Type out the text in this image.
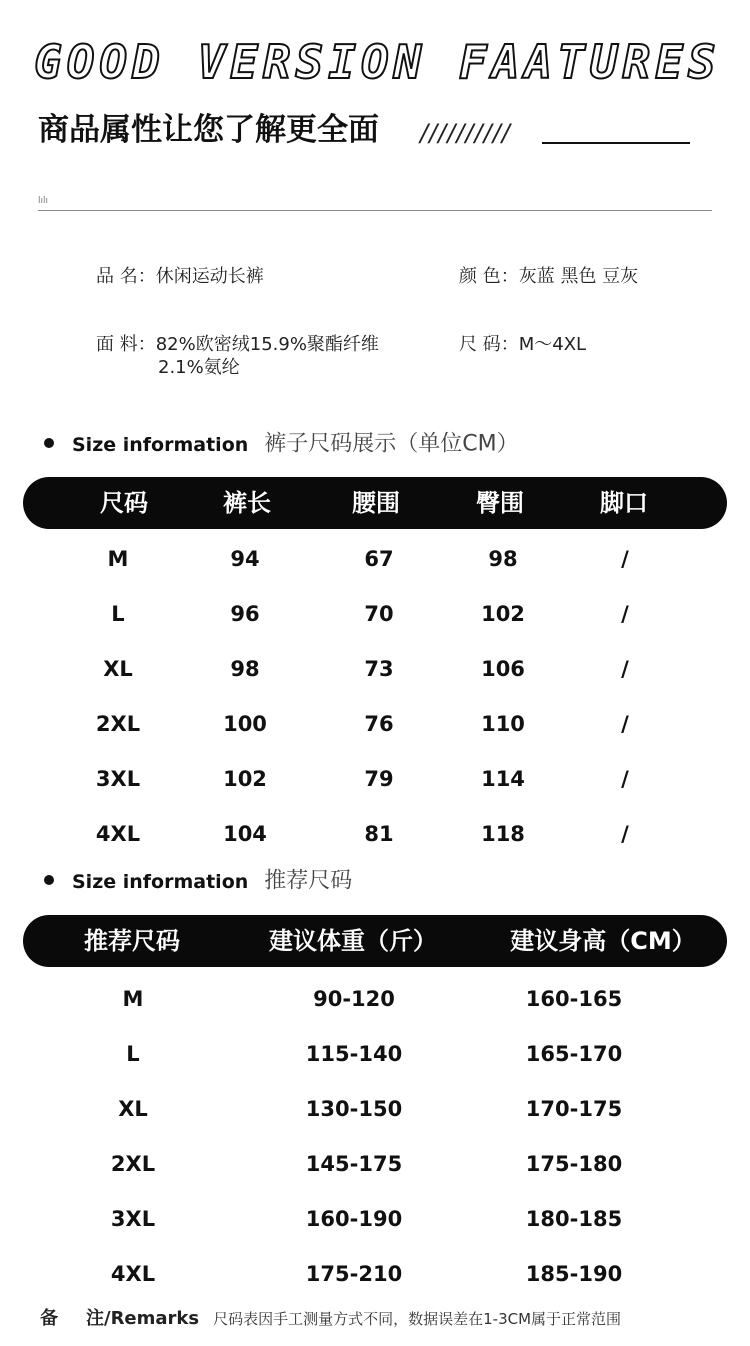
GOOD VERSION FAATURES
商品属性让您了解更全面 //////////
lılı
品 名：休闲运动长裤	颜 色：灰蓝 黑色 豆灰
面 料：82%欧密绒15.9%聚酯纤维
2.1%氨纶
尺 码：M～4XL
Size information 裤子尺码展示（单位CM）
尺码	裤长	腰围	臀围	脚口
M	94	67	98	/
L	96	70	102	/
XL	98	73	106	/
2XL	100	76	110	/
3XL	102	79	114	/
4XL	104	81	118	/
Size information 推荐尺码
推荐尺码	建议体重（斤）	建议身高（CM）
M	90-120	160-165
L	115-140	165-170
XL	130-150	170-175
2XL	145-175	175-180
3XL	160-190	180-185
4XL	175-210	185-190
备 注/Remarks 尺码表因手工测量方式不同，数据误差在1-3CM属于正常范围
